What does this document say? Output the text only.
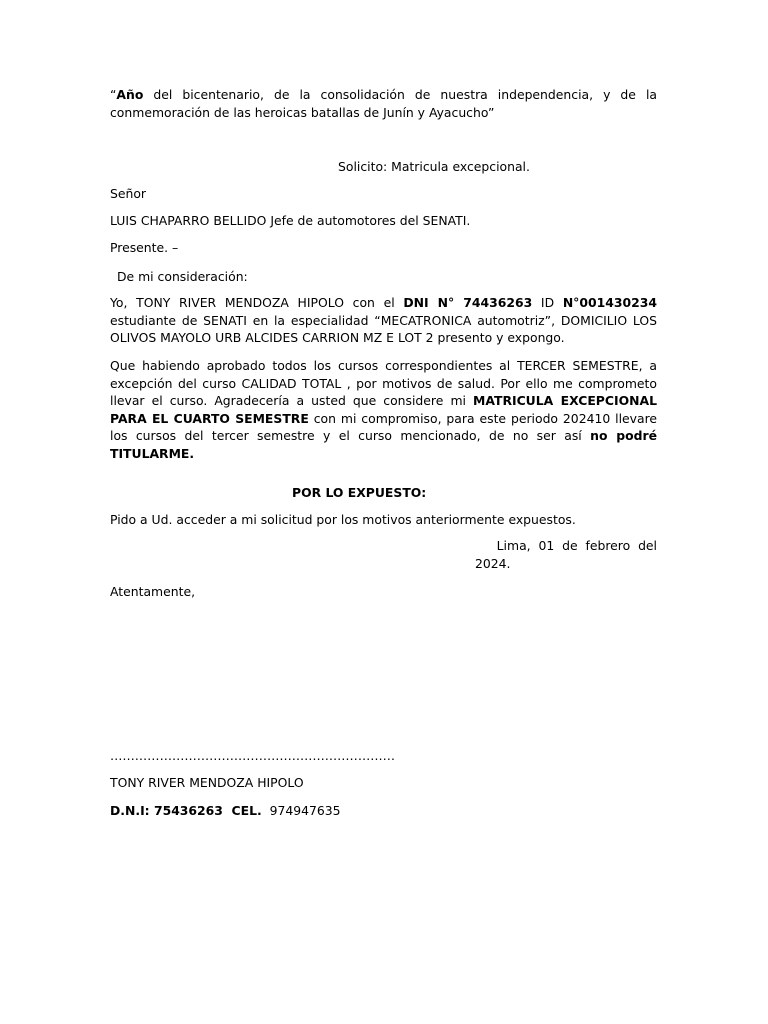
“Año del bicentenario, de la consolidación de nuestra independencia, y de la conmemoración de las heroicas batallas de Junín y Ayacucho”

Solicito: Matricula excepcional.

Señor

LUIS CHAPARRO BELLIDO Jefe de automotores del SENATI.

Presente. –

De mi consideración:

Yo, TONY RIVER MENDOZA HIPOLO con el DNI N° 74436263 ID N°001430234 estudiante de SENATI en la especialidad “MECATRONICA automotriz”, DOMICILIO LOS OLIVOS MAYOLO URB ALCIDES CARRION MZ E LOT 2 presento y expongo.

Que habiendo aprobado todos los cursos correspondientes al TERCER SEMESTRE, a excepción del curso CALIDAD TOTAL , por motivos de salud. Por ello me comprometo llevar el curso. Agradecería a usted que considere mi MATRICULA EXCEPCIONAL PARA EL CUARTO SEMESTRE con mi compromiso, para este periodo 202410 llevare los cursos del tercer semestre y el curso mencionado, de no ser así no podré TITULARME.

POR LO EXPUESTO:

Pido a Ud. acceder a mi solicitud por los motivos anteriormente expuestos.

Lima,  01  de  febrero  del

2024.

Atentamente,

……………………………………………………………

TONY RIVER MENDOZA HIPOLO

D.N.I: 75436263  CEL.  974947635
